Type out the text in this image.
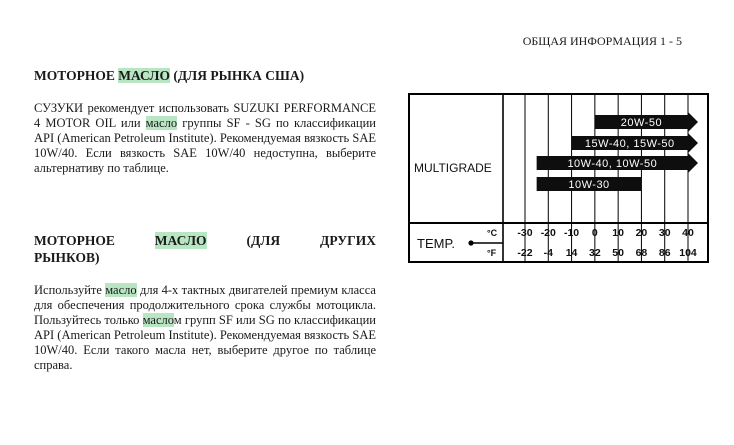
ОБЩАЯ ИНФОРМАЦИЯ 1 - 5
МОТОРНОЕ МАСЛО (ДЛЯ РЫНКА США)

СУЗУКИ рекомендует использовать SUZUKI PERFORMANCE 4 MOTOR OIL или масло группы SF - SG по классификации API (American Petroleum Institute). Рекомендуемая вязкость SAE 10W/40. Если вязкость SAE 10W/40 недоступна, выберите альтернативу по таблице.

МОТОРНОЕ	МАСЛО	(ДЛЯ	ДРУГИХ
РЫНКОВ)

Используйте масло для 4-х тактных двигателей премиум класса для обеспечения продолжительного срока службы мотоцикла. Пользуйтесь только маслом групп SF или SG по классификации API (American Petroleum Institute). Рекомендуемая вязкость SAE 10W/40. Если такого масла нет, выберите другое по таблице справа.

20W-50
15W-40, 15W-50
10W-40, 10W-50
10W-30
MULTIGRADE
TEMP.
°C
°F
-30 -20 -10 0 10 20 30 40
-22 -4 14 32 50 68 86 104
